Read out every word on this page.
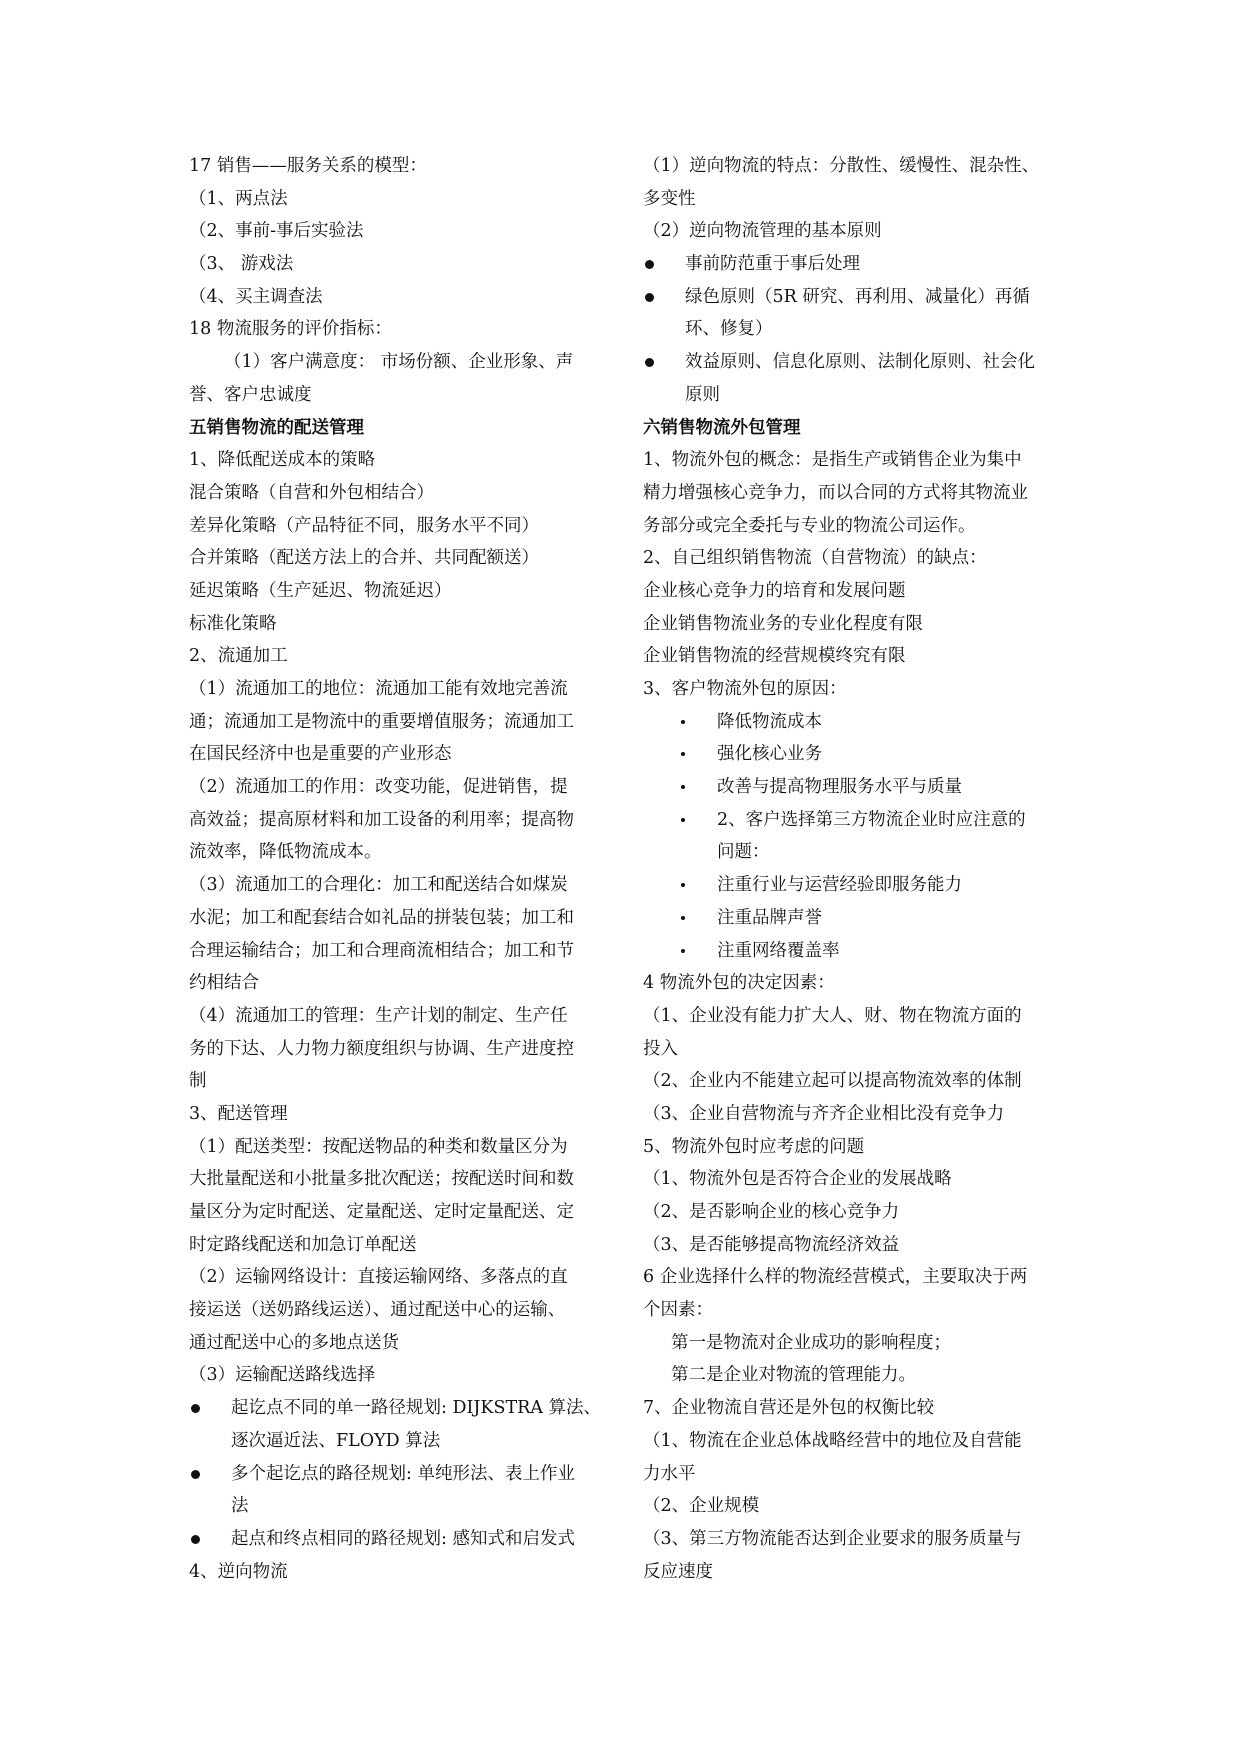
17 销售——服务关系的模型：
（1、两点法
（2、事前-事后实验法
（3、 游戏法
（4、买主调查法
18 物流服务的评价指标：
（1）客户满意度： 市场份额、企业形象、声
誉、客户忠诚度
五销售物流的配送管理
1、降低配送成本的策略
混合策略（自营和外包相结合）
差异化策略（产品特征不同，服务水平不同）
合并策略（配送方法上的合并、共同配额送）
延迟策略（生产延迟、物流延迟）
标准化策略
2、流通加工
（1）流通加工的地位：流通加工能有效地完善流
通；流通加工是物流中的重要增值服务；流通加工
在国民经济中也是重要的产业形态
（2）流通加工的作用：改变功能，促进销售，提
高效益；提高原材料和加工设备的利用率；提高物
流效率，降低物流成本。
（3）流通加工的合理化：加工和配送结合如煤炭
水泥；加工和配套结合如礼品的拼装包装；加工和
合理运输结合；加工和合理商流相结合；加工和节
约相结合
（4）流通加工的管理：生产计划的制定、生产任
务的下达、人力物力额度组织与协调、生产进度控
制
3、配送管理
（1）配送类型：按配送物品的种类和数量区分为
大批量配送和小批量多批次配送；按配送时间和数
量区分为定时配送、定量配送、定时定量配送、定
时定路线配送和加急订单配送
（2）运输网络设计：直接运输网络、多落点的直
接运送（送奶路线运送）、通过配送中心的运输、
通过配送中心的多地点送货
（3）运输配送路线选择
起讫点不同的单一路径规划: DIJKSTRA 算法、
逐次逼近法、FLOYD 算法
多个起讫点的路径规划: 单纯形法、表上作业
法
起点和终点相同的路径规划: 感知式和启发式
4、逆向物流
（1）逆向物流的特点：分散性、缓慢性、混杂性、
多变性
（2）逆向物流管理的基本原则
事前防范重于事后处理
绿色原则（5R 研究、再利用、减量化）再循
环、修复）
效益原则、信息化原则、法制化原则、社会化
原则
六销售物流外包管理
1、物流外包的概念：是指生产或销售企业为集中
精力增强核心竞争力，而以合同的方式将其物流业
务部分或完全委托与专业的物流公司运作。
2、自己组织销售物流（自营物流）的缺点：
企业核心竞争力的培育和发展问题
企业销售物流业务的专业化程度有限
企业销售物流的经营规模终究有限
3、客户物流外包的原因：
降低物流成本
强化核心业务
改善与提高物理服务水平与质量
2、客户选择第三方物流企业时应注意的
问题：
注重行业与运营经验即服务能力
注重品牌声誉
注重网络覆盖率
4 物流外包的决定因素：
（1、企业没有能力扩大人、财、物在物流方面的
投入
（2、企业内不能建立起可以提高物流效率的体制
（3、企业自营物流与齐齐企业相比没有竞争力
5、物流外包时应考虑的问题
（1、物流外包是否符合企业的发展战略
（2、是否影响企业的核心竞争力
（3、是否能够提高物流经济效益
6 企业选择什么样的物流经营模式，主要取决于两
个因素：
第一是物流对企业成功的影响程度；
第二是企业对物流的管理能力。
7、企业物流自营还是外包的权衡比较
（1、物流在企业总体战略经营中的地位及自营能
力水平
（2、企业规模
（3、第三方物流能否达到企业要求的服务质量与
反应速度
